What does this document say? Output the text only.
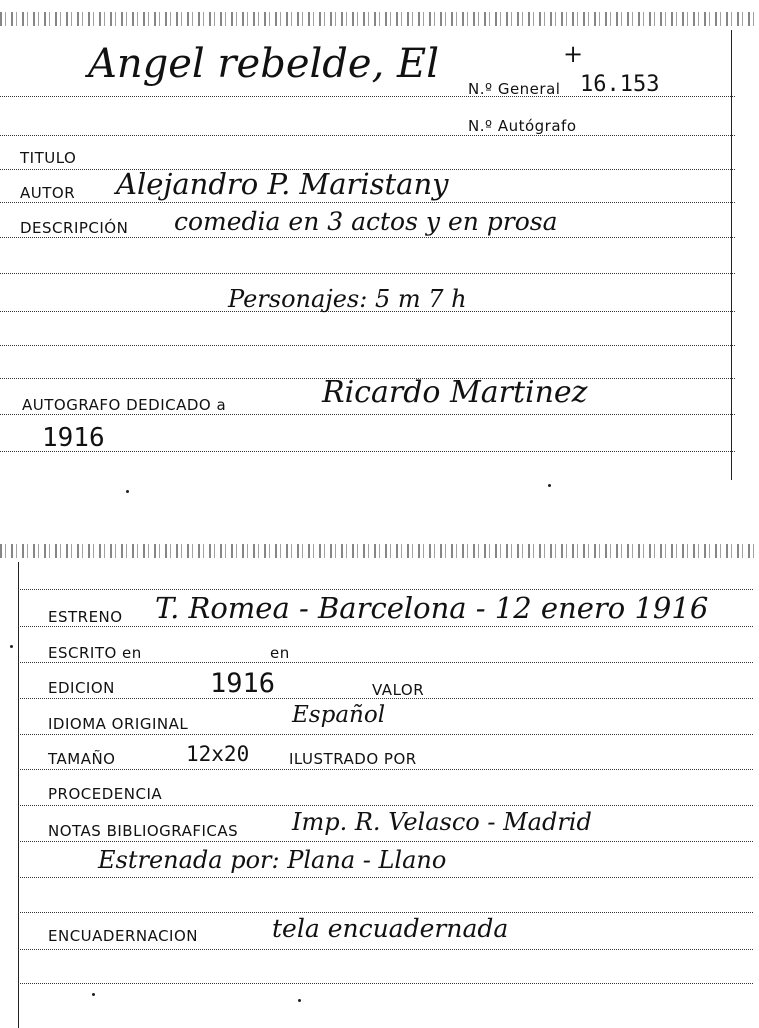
Angel rebelde, El	+
N.º General 16.153
N.º Autógrafo
TITULO
AUTOR Alejandro P. Maristany
DESCRIPCIÓN comedia en 3 actos y en prosa
Personajes: 5 m 7 h
AUTOGRAFO DEDICADO a	Ricardo Martinez
1916
ESTRENO T. Romea - Barcelona - 12 enero 1916
ESCRITO en	en
EDICION	1916	VALOR
IDIOMA ORIGINAL	Español
TAMAÑO	12x20	ILUSTRADO POR
PROCEDENCIA
NOTAS BIBLIOGRAFICAS Imp. R. Velasco - Madrid
Estrenada por: Plana - Llano
ENCUADERNACION	tela encuadernada
